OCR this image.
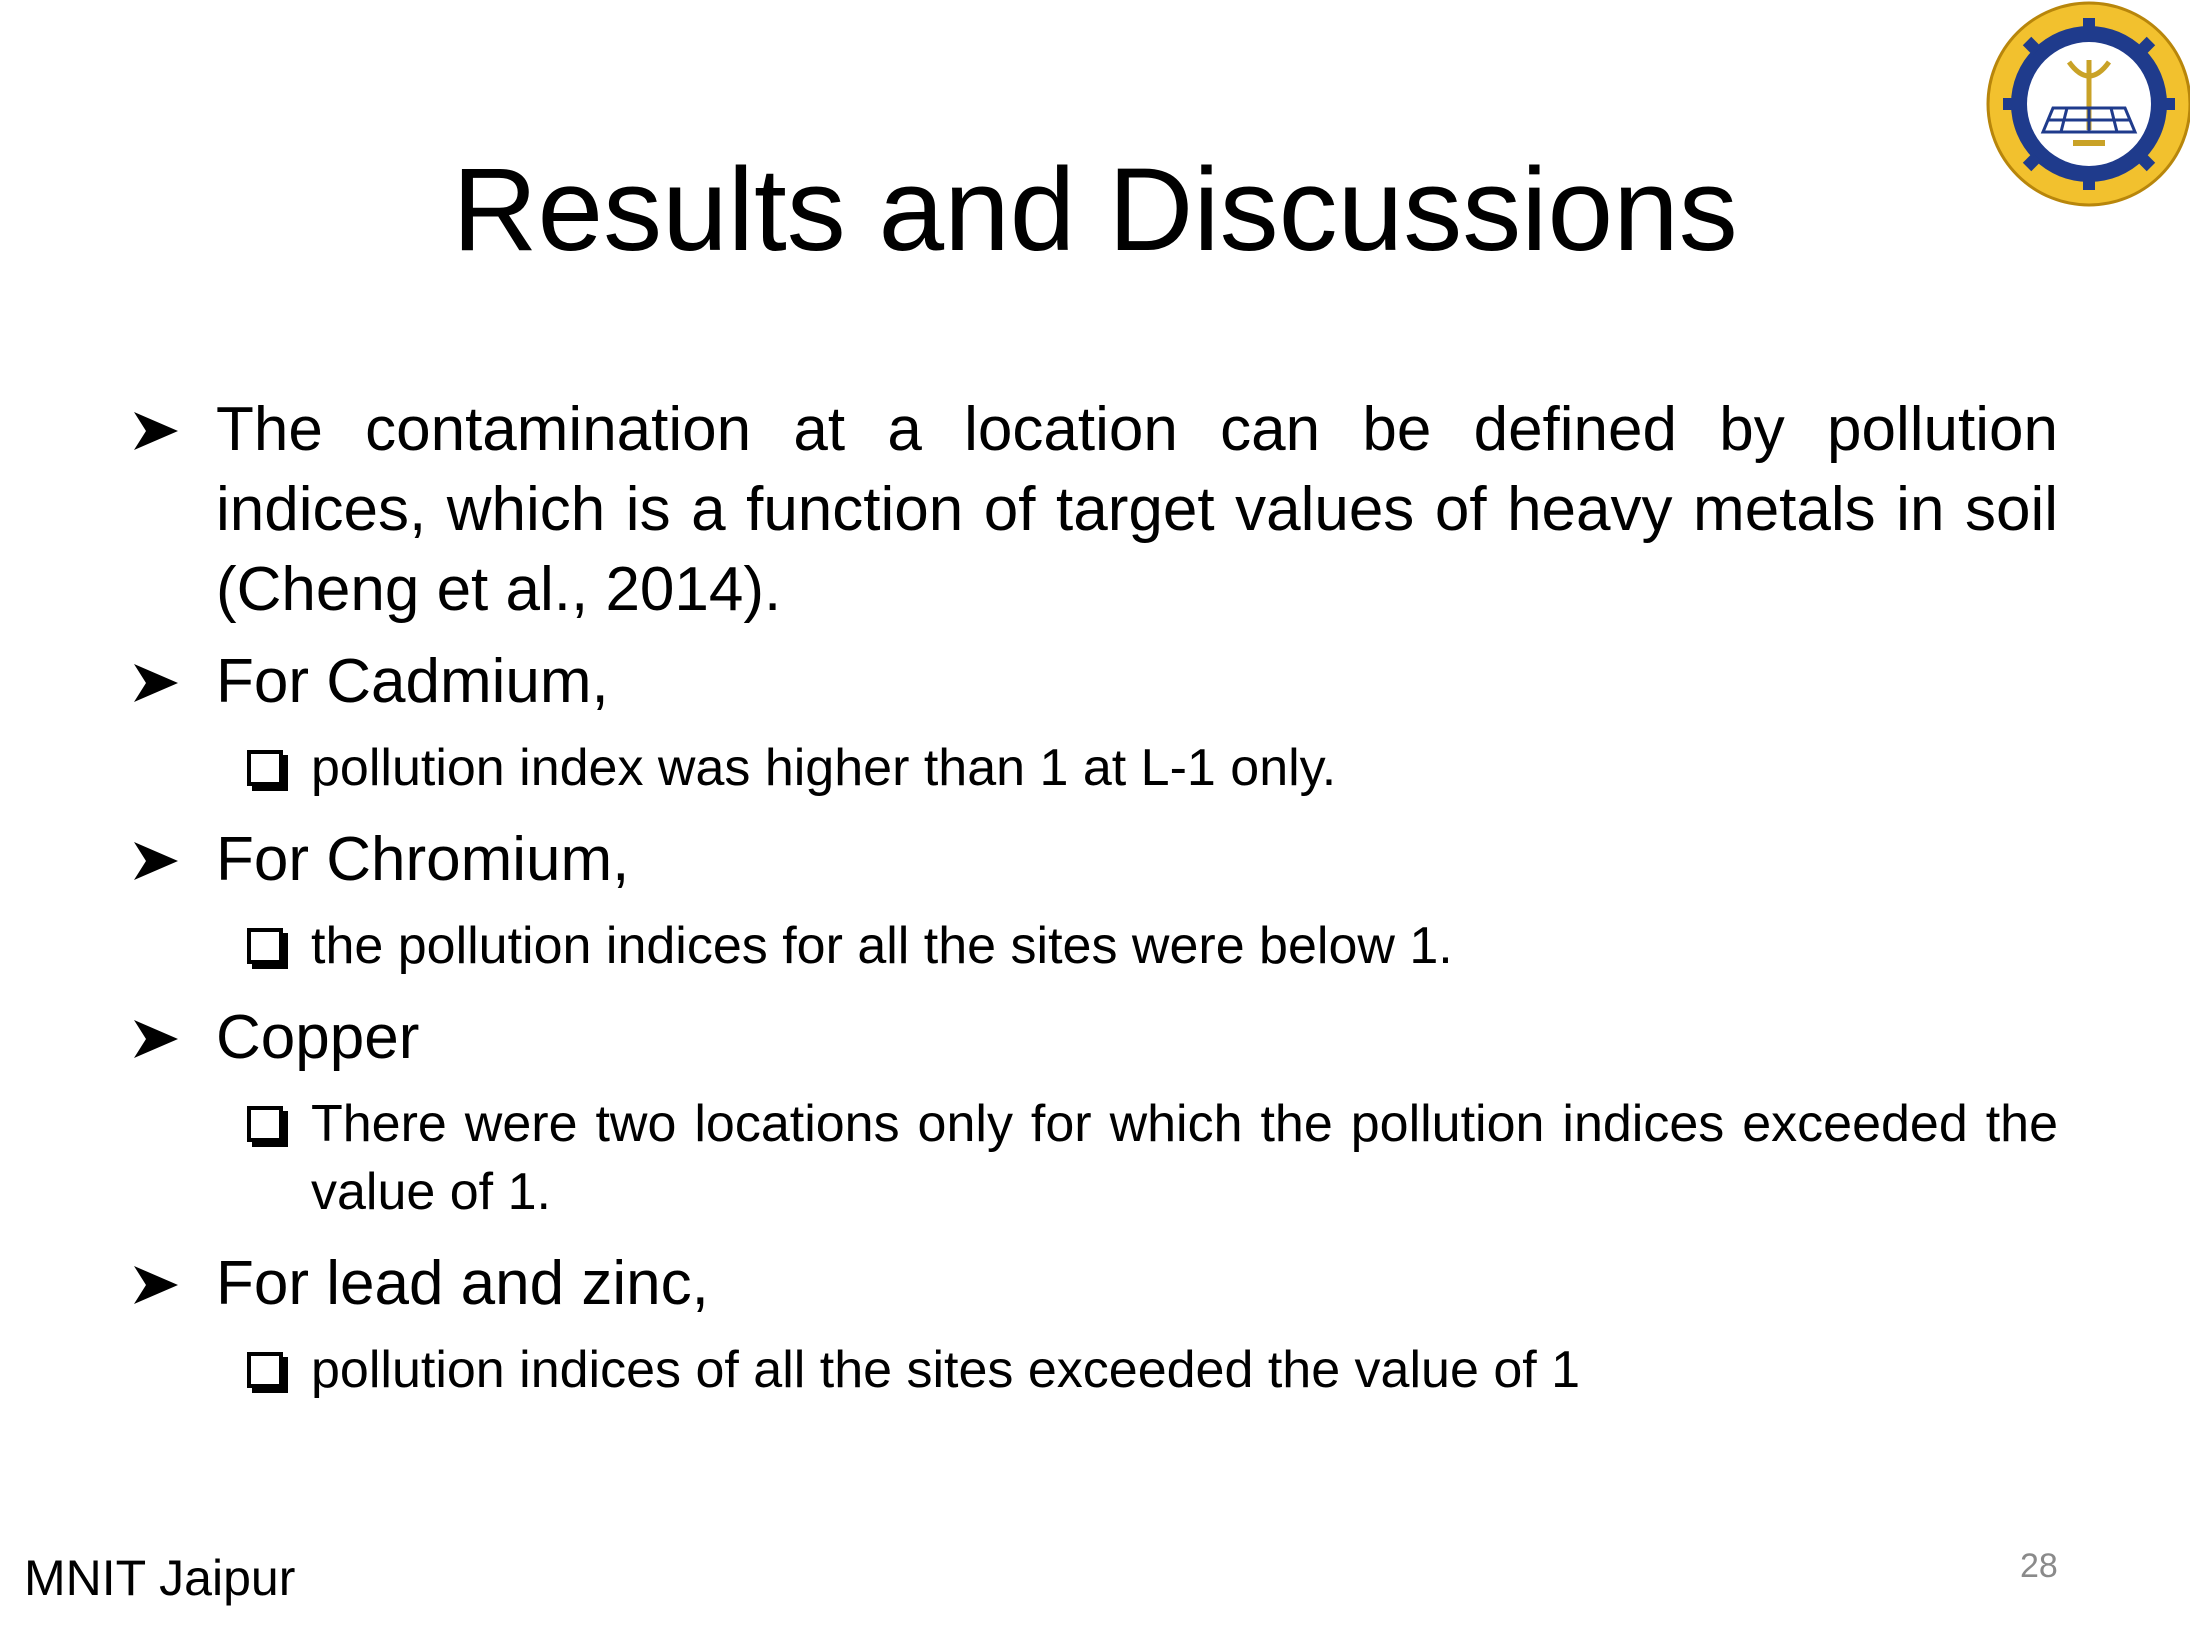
Results and Discussions
The contamination at a location can be defined by pollution indices, which is a function of target values of heavy metals in soil (Cheng et al., 2014).
For Cadmium,
pollution index was higher than 1 at L-1 only.
For Chromium,
the pollution indices for all the sites were below 1.
Copper
There were two locations only for which the pollution indices exceeded the value of 1.
For lead and zinc,
pollution indices of all the sites exceeded the value of 1
MNIT Jaipur	28
